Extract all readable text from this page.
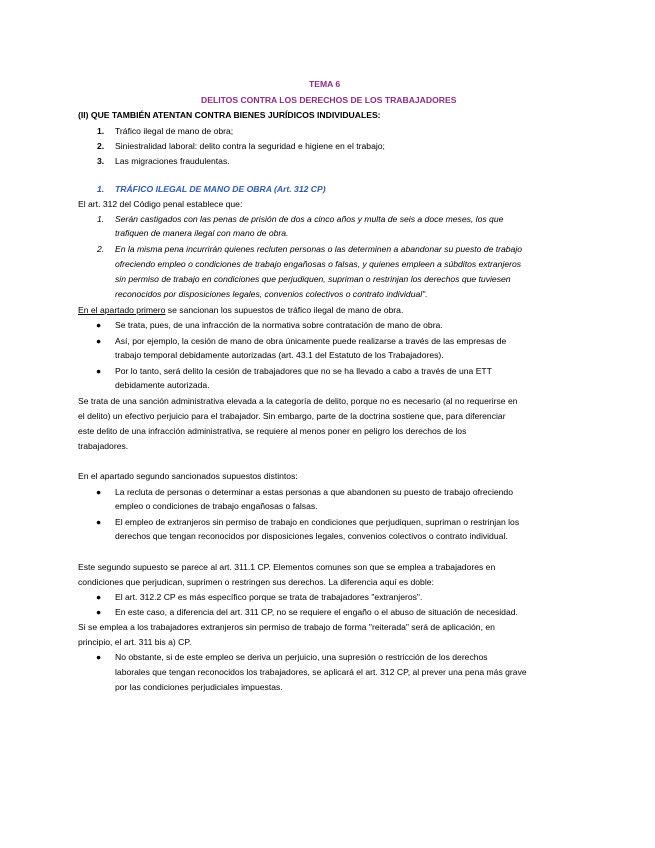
TEMA 6
DELITOS CONTRA LOS DERECHOS DE LOS TRABAJADORES
(II) QUE TAMBIÉN ATENTAN CONTRA BIENES JURÍDICOS INDIVIDUALES:
1. Tráfico ilegal de mano de obra;
2. Siniestralidad laboral: delito contra la seguridad e higiene en el trabajo;
3. Las migraciones fraudulentas.
1. TRÁFICO ILEGAL DE MANO DE OBRA (Art. 312 CP)
El art. 312 del Código penal establece que:
1. Serán castigados con las penas de prisión de dos a cinco años y multa de seis a doce meses, los que
trafiquen de manera ilegal con mano de obra.
2. En la misma pena incurrirán quienes recluten personas o las determinen a abandonar su puesto de trabajo
ofreciendo empleo o condiciones de trabajo engañosas o falsas, y quienes empleen a súbditos extranjeros
sin permiso de trabajo en condiciones que perjudiquen, supriman o restrinjan los derechos que tuviesen
reconocidos por disposiciones legales, convenios colectivos o contrato individual".
En el apartado primero se sancionan los supuestos de tráfico ilegal de mano de obra.
● Se trata, pues, de una infracción de la normativa sobre contratación de mano de obra.
● Así, por ejemplo, la cesión de mano de obra únicamente puede realizarse a través de las empresas de
trabajo temporal debidamente autorizadas (art. 43.1 del Estatuto de los Trabajadores).
● Por lo tanto, será delito la cesión de trabajadores que no se ha llevado a cabo a través de una ETT
debidamente autorizada.
Se trata de una sanción administrativa elevada a la categoría de delito, porque no es necesario (al no requerirse en
el delito) un efectivo perjuicio para el trabajador. Sin embargo, parte de la doctrina sostiene que, para diferenciar
este delito de una infracción administrativa, se requiere al menos poner en peligro los derechos de los
trabajadores.
En el apartado segundo sancionados supuestos distintos:
● La recluta de personas o determinar a estas personas a que abandonen su puesto de trabajo ofreciendo
empleo o condiciones de trabajo engañosas o falsas.
● El empleo de extranjeros sin permiso de trabajo en condiciones que perjudiquen, supriman o restrinjan los
derechos que tengan reconocidos por disposiciones legales, convenios colectivos o contrato individual.
Este segundo supuesto se parece al art. 311.1 CP. Elementos comunes son que se emplea a trabajadores en
condiciones que perjudican, suprimen o restringen sus derechos. La diferencia aquí es doble:
● El art. 312.2 CP es más específico porque se trata de trabajadores "extranjeros".
● En este caso, a diferencia del art. 311 CP, no se requiere el engaño o el abuso de situación de necesidad.
Si se emplea a los trabajadores extranjeros sin permiso de trabajo de forma "reiterada" será de aplicación, en
principio, el art. 311 bis a) CP.
● No obstante, si de este empleo se deriva un perjuicio, una supresión o restricción de los derechos
laborales que tengan reconocidos los trabajadores, se aplicará el art. 312 CP, al prever una pena más grave
por las condiciones perjudiciales impuestas.
